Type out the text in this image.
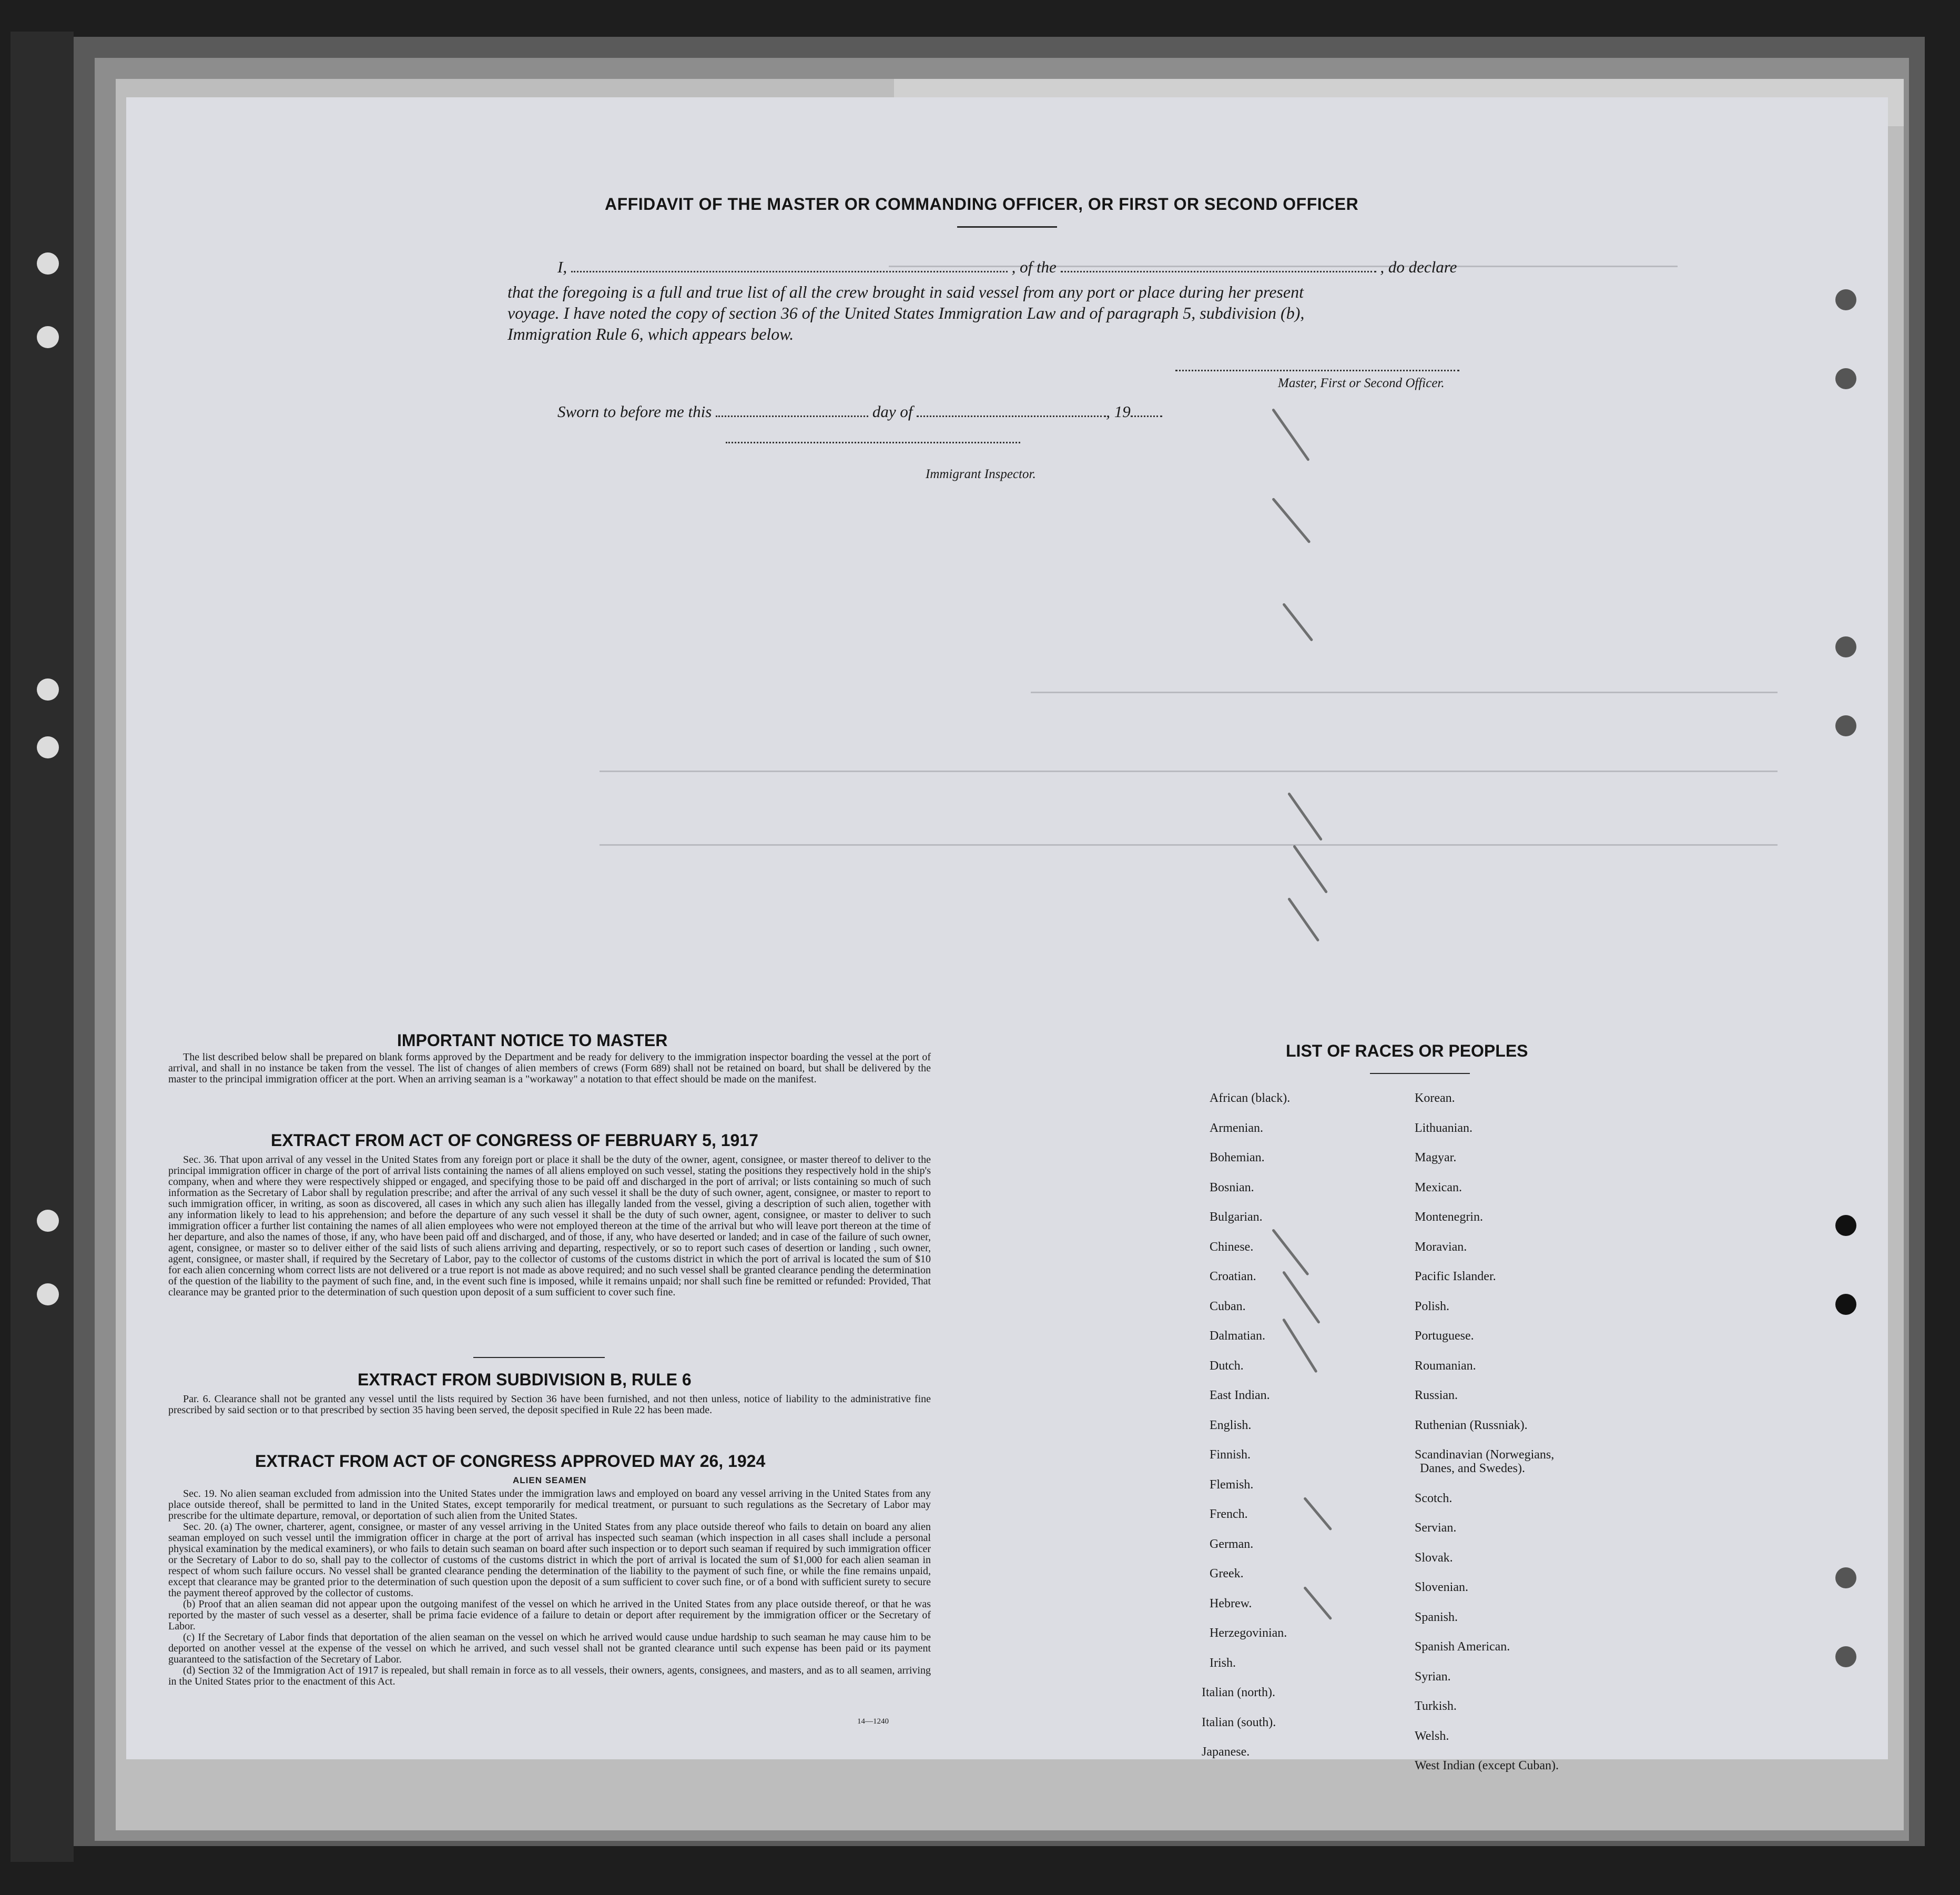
AFFIDAVIT OF THE MASTER OR COMMANDING OFFICER, OR FIRST OR SECOND OFFICER
I,	, of the	, do declare
that the foregoing is a full and true list of all the crew brought in said vessel from any port or place during her present
voyage. I have noted the copy of section 36 of the United States Immigration Law and of paragraph 5, subdivision (b),
Immigration Rule 6, which appears below.
Master, First or Second Officer.
Sworn to before me this	day of	, 19
Immigrant Inspector.
IMPORTANT NOTICE TO MASTER

The list described below shall be prepared on blank forms approved by the Department and be ready for delivery to the immigration inspector boarding the vessel at the port of arrival, and shall in no instance be taken from the vessel. The list of changes of alien members of crews (Form 689) shall not be retained on board, but shall be delivered by the master to the principal immigration officer at the port. When an arriving seaman is a "workaway" a notation to that effect should be made on the manifest.

EXTRACT FROM ACT OF CONGRESS OF FEBRUARY 5, 1917

Sec. 36. That upon arrival of any vessel in the United States from any foreign port or place it shall be the duty of the owner, agent, consignee, or master thereof to deliver to the principal immigration officer in charge of the port of arrival lists containing the names of all aliens employed on such vessel, stating the positions they respectively hold in the ship's company, when and where they were respectively shipped or engaged, and specifying those to be paid off and discharged in the port of arrival; or lists containing so much of such information as the Secretary of Labor shall by regulation prescribe; and after the arrival of any such vessel it shall be the duty of such owner, agent, consignee, or master to report to such immigration officer, in writing, as soon as discovered, all cases in which any such alien has illegally landed from the vessel, giving a description of such alien, together with any information likely to lead to his apprehension; and before the departure of any such vessel it shall be the duty of such owner, agent, consignee, or master to deliver to such immigration officer a further list containing the names of all alien employees who were not employed thereon at the time of the arrival but who will leave port thereon at the time of her departure, and also the names of those, if any, who have been paid off and discharged, and of those, if any, who have deserted or landed; and in case of the failure of such owner, agent, consignee, or master so to deliver either of the said lists of such aliens arriving and departing, respectively, or so to report such cases of desertion or landing , such owner, agent, consignee, or master shall, if required by the Secretary of Labor, pay to the collector of customs of the customs district in which the port of arrival is located the sum of $10 for each alien concerning whom correct lists are not delivered or a true report is not made as above required; and no such vessel shall be granted clearance pending the determination of the question of the liability to the payment of such fine, and, in the event such fine is imposed, while it remains unpaid; nor shall such fine be remitted or refunded: Provided, That clearance may be granted prior to the determination of such question upon deposit of a sum sufficient to cover such fine.

EXTRACT FROM SUBDIVISION B, RULE 6

Par. 6. Clearance shall not be granted any vessel until the lists required by Section 36 have been furnished, and not then unless, notice of liability to the administrative fine prescribed by said section or to that prescribed by section 35 having been served, the deposit specified in Rule 22 has been made.

EXTRACT FROM ACT OF CONGRESS APPROVED MAY 26, 1924
ALIEN SEAMEN

Sec. 19. No alien seaman excluded from admission into the United States under the immigration laws and employed on board any vessel arriving in the United States from any place outside thereof, shall be permitted to land in the United States, except temporarily for medical treatment, or pursuant to such regulations as the Secretary of Labor may prescribe for the ultimate departure, removal, or deportation of such alien from the United States.

Sec. 20. (a) The owner, charterer, agent, consignee, or master of any vessel arriving in the United States from any place outside thereof who fails to detain on board any alien seaman employed on such vessel until the immigration officer in charge at the port of arrival has inspected such seaman (which inspection in all cases shall include a personal physical examination by the medical examiners), or who fails to detain such seaman on board after such inspection or to deport such seaman if required by such immigration officer or the Secretary of Labor to do so, shall pay to the collector of customs of the customs district in which the port of arrival is located the sum of $1,000 for each alien seaman in respect of whom such failure occurs. No vessel shall be granted clearance pending the determination of the liability to the payment of such fine, or while the fine remains unpaid, except that clearance may be granted prior to the determination of such question upon the deposit of a sum sufficient to cover such fine, or of a bond with sufficient surety to secure the payment thereof approved by the collector of customs.

(b) Proof that an alien seaman did not appear upon the outgoing manifest of the vessel on which he arrived in the United States from any place outside thereof, or that he was reported by the master of such vessel as a deserter, shall be prima facie evidence of a failure to detain or deport after requirement by the immigration officer or the Secretary of Labor.

(c) If the Secretary of Labor finds that deportation of the alien seaman on the vessel on which he arrived would cause undue hardship to such seaman he may cause him to be deported on another vessel at the expense of the vessel on which he arrived, and such vessel shall not be granted clearance until such expense has been paid or its payment guaranteed to the satisfaction of the Secretary of Labor.

(d) Section 32 of the Immigration Act of 1917 is repealed, but shall remain in force as to all vessels, their owners, agents, consignees, and masters, and as to all seamen, arriving in the United States prior to the enactment of this Act.

14—1240
LIST OF RACES OR PEOPLES
African (black).
Armenian.
Bohemian.
Bosnian.
Bulgarian.
Chinese.
Croatian.
Cuban.
Dalmatian.
Dutch.
East Indian.
English.
Finnish.
Flemish.
French.
German.
Greek.
Hebrew.
Herzegovinian.
Irish.
Italian (north).
Italian (south).
Japanese.
Korean.
Lithuanian.
Magyar.
Mexican.
Montenegrin.
Moravian.
Pacific Islander.
Polish.
Portuguese.
Roumanian.
Russian.
Ruthenian (Russniak).
Scandinavian (Norwegians,
Danes, and Swedes).
Scotch.
Servian.
Slovak.
Slovenian.
Spanish.
Spanish American.
Syrian.
Turkish.
Welsh.
West Indian (except Cuban).
